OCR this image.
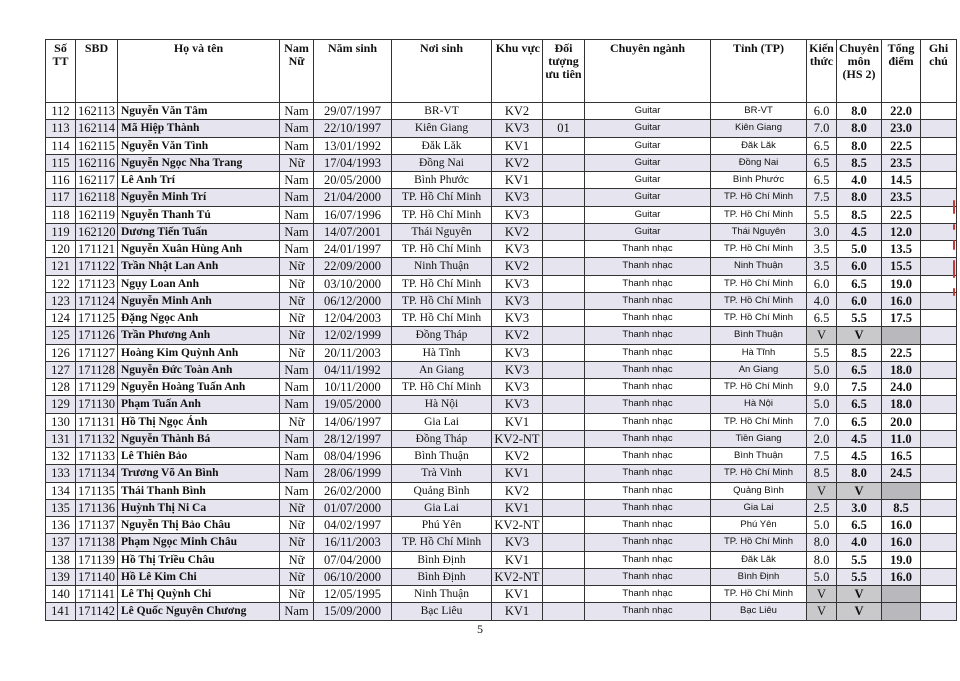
Số TT	SBD	Họ và tên	Nam Nữ	Năm sinh	Nơi sinh	Khu vực	Đối tượng ưu tiên	Chuyên ngành	Tỉnh (TP)	Kiến thức	Chuyên môn (HS 2)	Tổng điểm	Ghi chú
112	162113	Nguyễn Văn Tâm	Nam	29/07/1997	BR-VT	KV2		Guitar	BR-VT	6.0	8.0	22.0	
113	162114	Mã Hiệp Thành	Nam	22/10/1997	Kiên Giang	KV3	01	Guitar	Kiên Giang	7.0	8.0	23.0	
114	162115	Nguyễn Văn Tình	Nam	13/01/1992	Đăk Lăk	KV1		Guitar	Đăk Lăk	6.5	8.0	22.5	
115	162116	Nguyễn Ngọc Nha Trang	Nữ	17/04/1993	Đồng Nai	KV2		Guitar	Đồng Nai	6.5	8.5	23.5	
116	162117	Lê Anh Trí	Nam	20/05/2000	Bình Phước	KV1		Guitar	Bình Phước	6.5	4.0	14.5	
117	162118	Nguyễn Minh Trí	Nam	21/04/2000	TP. Hồ Chí Minh	KV3		Guitar	TP. Hồ Chí Minh	7.5	8.0	23.5	
118	162119	Nguyễn Thanh Tú	Nam	16/07/1996	TP. Hồ Chí Minh	KV3		Guitar	TP. Hồ Chí Minh	5.5	8.5	22.5	
119	162120	Dương Tiến Tuấn	Nam	14/07/2001	Thái Nguyên	KV2		Guitar	Thái Nguyên	3.0	4.5	12.0	
120	171121	Nguyễn Xuân Hùng Anh	Nam	24/01/1997	TP. Hồ Chí Minh	KV3		Thanh nhạc	TP. Hồ Chí Minh	3.5	5.0	13.5	
121	171122	Trần Nhật Lan Anh	Nữ	22/09/2000	Ninh Thuận	KV2		Thanh nhạc	Ninh Thuận	3.5	6.0	15.5	
122	171123	Ngụy Loan Anh	Nữ	03/10/2000	TP. Hồ Chí Minh	KV3		Thanh nhạc	TP. Hồ Chí Minh	6.0	6.5	19.0	
123	171124	Nguyễn Minh Anh	Nữ	06/12/2000	TP. Hồ Chí Minh	KV3		Thanh nhạc	TP. Hồ Chí Minh	4.0	6.0	16.0	
124	171125	Đặng Ngọc Anh	Nữ	12/04/2003	TP. Hồ Chí Minh	KV3		Thanh nhạc	TP. Hồ Chí Minh	6.5	5.5	17.5	
125	171126	Trần Phương Anh	Nữ	12/02/1999	Đồng Tháp	KV2		Thanh nhạc	Bình Thuận	V	V		
126	171127	Hoàng Kim Quỳnh Anh	Nữ	20/11/2003	Hà Tĩnh	KV3		Thanh nhạc	Hà Tĩnh	5.5	8.5	22.5	
127	171128	Nguyễn Đức Toàn Anh	Nam	04/11/1992	An Giang	KV3		Thanh nhạc	An Giang	5.0	6.5	18.0	
128	171129	Nguyễn Hoàng Tuấn Anh	Nam	10/11/2000	TP. Hồ Chí Minh	KV3		Thanh nhạc	TP. Hồ Chí Minh	9.0	7.5	24.0	
129	171130	Phạm Tuấn Anh	Nam	19/05/2000	Hà Nội	KV3		Thanh nhạc	Hà Nội	5.0	6.5	18.0	
130	171131	Hồ Thị Ngọc Ánh	Nữ	14/06/1997	Gia Lai	KV1		Thanh nhạc	TP. Hồ Chí Minh	7.0	6.5	20.0	
131	171132	Nguyễn Thành Bá	Nam	28/12/1997	Đồng Tháp	KV2-NT		Thanh nhạc	Tiền Giang	2.0	4.5	11.0	
132	171133	Lê Thiên Bảo	Nam	08/04/1996	Bình Thuận	KV2		Thanh nhạc	Bình Thuận	7.5	4.5	16.5	
133	171134	Trương Võ An Bình	Nam	28/06/1999	Trà Vinh	KV1		Thanh nhạc	TP. Hồ Chí Minh	8.5	8.0	24.5	
134	171135	Thái Thanh Bình	Nam	26/02/2000	Quảng Bình	KV2		Thanh nhạc	Quảng Bình	V	V		
135	171136	Huỳnh Thị Ni Ca	Nữ	01/07/2000	Gia Lai	KV1		Thanh nhạc	Gia Lai	2.5	3.0	8.5	
136	171137	Nguyễn Thị Bảo Châu	Nữ	04/02/1997	Phú Yên	KV2-NT		Thanh nhạc	Phú Yên	5.0	6.5	16.0	
137	171138	Phạm Ngọc Minh Châu	Nữ	16/11/2003	TP. Hồ Chí Minh	KV3		Thanh nhạc	TP. Hồ Chí Minh	8.0	4.0	16.0	
138	171139	Hồ Thị Triều Châu	Nữ	07/04/2000	Bình Định	KV1		Thanh nhạc	Đăk Lăk	8.0	5.5	19.0	
139	171140	Hồ Lê Kim Chi	Nữ	06/10/2000	Bình Định	KV2-NT		Thanh nhạc	Bình Định	5.0	5.5	16.0	
140	171141	Lê Thị Quỳnh Chi	Nữ	12/05/1995	Ninh Thuận	KV1		Thanh nhạc	TP. Hồ Chí Minh	V	V		
141	171142	Lê Quốc Nguyên Chương	Nam	15/09/2000	Bạc Liêu	KV1		Thanh nhạc	Bạc Liêu	V	V		
5
